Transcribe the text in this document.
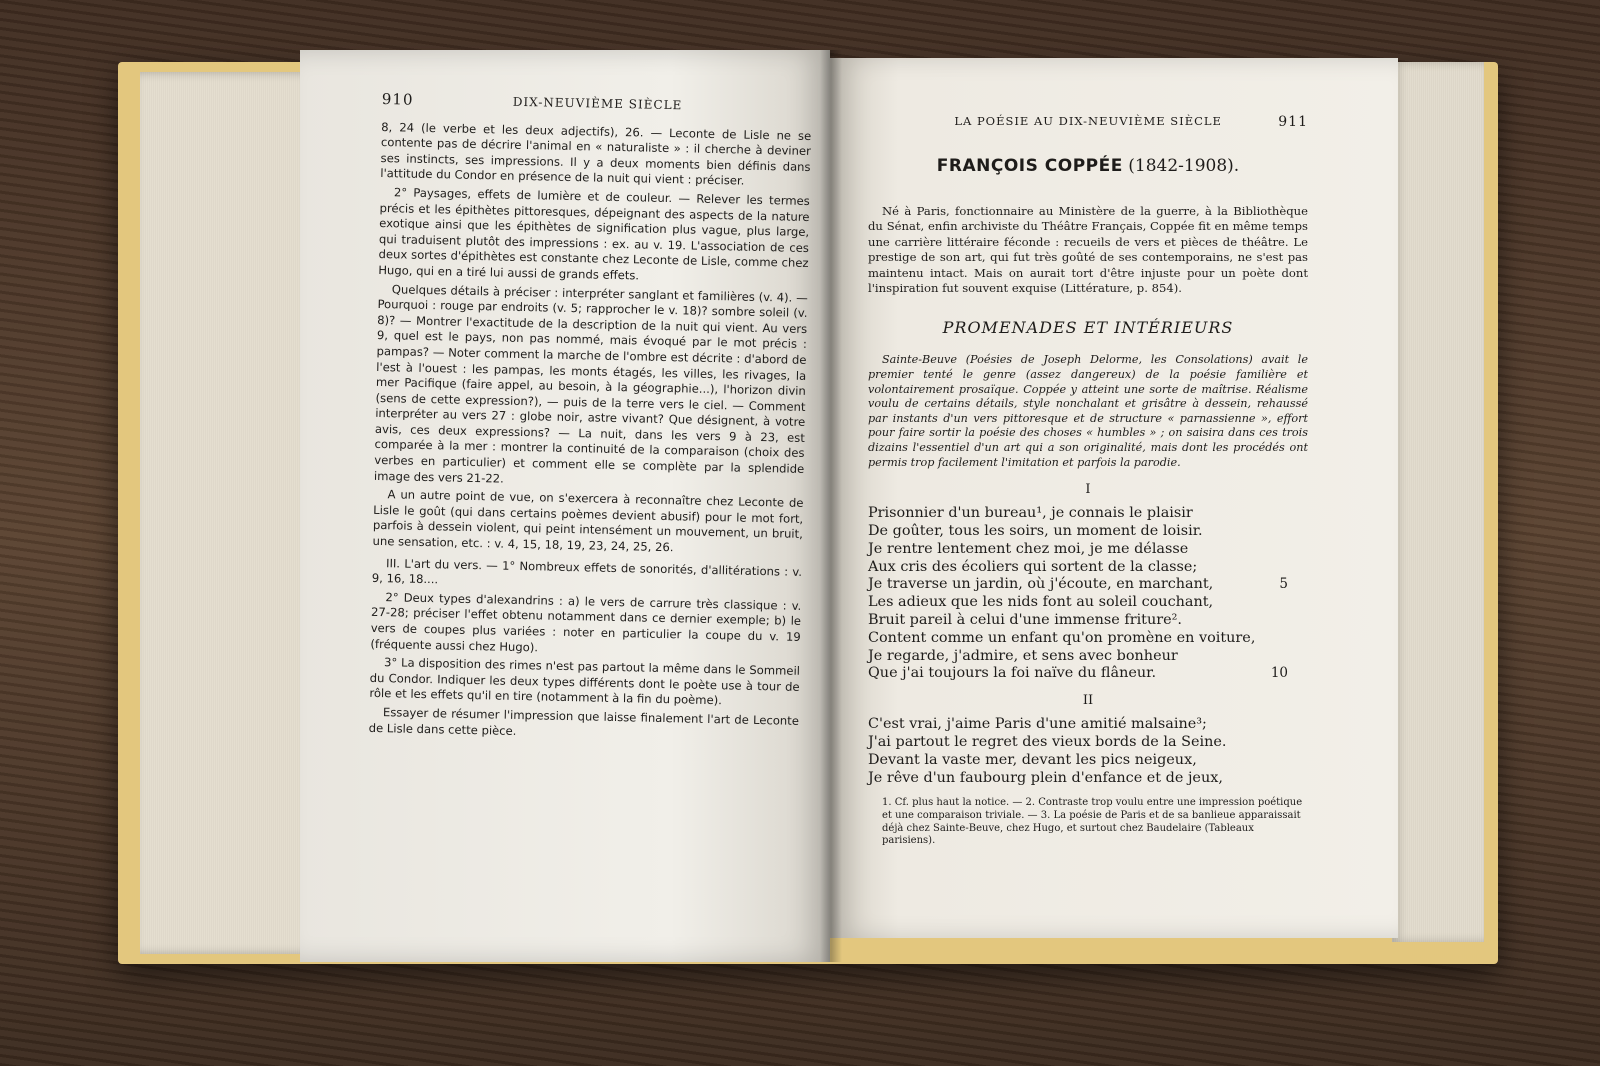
910	DIX-NEUVIÈME SIÈCLE

8, 24 (le verbe et les deux adjectifs), 26. — Leconte de Lisle ne se contente pas de décrire l'animal en « naturaliste » : il cherche à deviner ses instincts, ses impressions. Il y a deux moments bien définis dans l'attitude du Condor en présence de la nuit qui vient : préciser.

2° Paysages, effets de lumière et de couleur. — Relever les termes précis et les épithètes pittoresques, dépeignant des aspects de la nature exotique ainsi que les épithètes de signification plus vague, plus large, qui traduisent plutôt des impressions : ex. au v. 19. L'association de ces deux sortes d'épithètes est constante chez Leconte de Lisle, comme chez Hugo, qui en a tiré lui aussi de grands effets.

Quelques détails à préciser : interpréter sanglant et familières (v. 4). — Pourquoi : rouge par endroits (v. 5; rapprocher le v. 18)? sombre soleil (v. 8)? — Montrer l'exactitude de la description de la nuit qui vient. Au vers 9, quel est le pays, non pas nommé, mais évoqué par le mot précis : pampas? — Noter comment la marche de l'ombre est décrite : d'abord de l'est à l'ouest : les pampas, les monts étagés, les villes, les rivages, la mer Pacifique (faire appel, au besoin, à la géographie...), l'horizon divin (sens de cette expression?), — puis de la terre vers le ciel. — Comment interpréter au vers 27 : globe noir, astre vivant? Que désignent, à votre avis, ces deux expressions? — La nuit, dans les vers 9 à 23, est comparée à la mer : montrer la continuité de la comparaison (choix des verbes en particulier) et comment elle se complète par la splendide image des vers 21-22.

A un autre point de vue, on s'exercera à reconnaître chez Leconte de Lisle le goût (qui dans certains poèmes devient abusif) pour le mot fort, parfois à dessein violent, qui peint intensément un mouvement, un bruit, une sensation, etc. : v. 4, 15, 18, 19, 23, 24, 25, 26.

III. L'art du vers. — 1° Nombreux effets de sonorités, d'allitérations : v. 9, 16, 18....

2° Deux types d'alexandrins : a) le vers de carrure très classique : v. 27-28; préciser l'effet obtenu notamment dans ce dernier exemple; b) le vers de coupes plus variées : noter en particulier la coupe du v. 19 (fréquente aussi chez Hugo).

3° La disposition des rimes n'est pas partout la même dans le Sommeil du Condor. Indiquer les deux types différents dont le poète use à tour de rôle et les effets qu'il en tire (notamment à la fin du poème).

Essayer de résumer l'impression que laisse finalement l'art de Leconte de Lisle dans cette pièce.

LA POÉSIE AU DIX-NEUVIÈME SIÈCLE	911
FRANÇOIS COPPÉE (1842-1908).
Né à Paris, fonctionnaire au Ministère de la guerre, à la Bibliothèque du Sénat, enfin archiviste du Théâtre Français, Coppée fit en même temps une carrière littéraire féconde : recueils de vers et pièces de théâtre. Le prestige de son art, qui fut très goûté de ses contemporains, ne s'est pas maintenu intact. Mais on aurait tort d'être injuste pour un poète dont l'inspiration fut souvent exquise (Littérature, p. 854).
PROMENADES ET INTÉRIEURS
Sainte-Beuve (Poésies de Joseph Delorme, les Consolations) avait le premier tenté le genre (assez dangereux) de la poésie familière et volontairement prosaïque. Coppée y atteint une sorte de maîtrise. Réalisme voulu de certains détails, style nonchalant et grisâtre à dessein, rehaussé par instants d'un vers pittoresque et de structure « parnassienne », effort pour faire sortir la poésie des choses « humbles » ; on saisira dans ces trois dizains l'essentiel d'un art qui a son originalité, mais dont les procédés ont permis trop facilement l'imitation et parfois la parodie.
I
Prisonnier d'un bureau¹, je connais le plaisir
De goûter, tous les soirs, un moment de loisir.
Je rentre lentement chez moi, je me délasse
Aux cris des écoliers qui sortent de la classe;
Je traverse un jardin, où j'écoute, en marchant,	5
Les adieux que les nids font au soleil couchant,
Bruit pareil à celui d'une immense friture².
Content comme un enfant qu'on promène en voiture,
Je regarde, j'admire, et sens avec bonheur
Que j'ai toujours la foi naïve du flâneur.	10
II
C'est vrai, j'aime Paris d'une amitié malsaine³;
J'ai partout le regret des vieux bords de la Seine.
Devant la vaste mer, devant les pics neigeux,
Je rêve d'un faubourg plein d'enfance et de jeux,
1. Cf. plus haut la notice. — 2. Contraste trop voulu entre une impression poétique et une comparaison triviale. — 3. La poésie de Paris et de sa banlieue apparaissait déjà chez Sainte-Beuve, chez Hugo, et surtout chez Baudelaire (Tableaux parisiens).
